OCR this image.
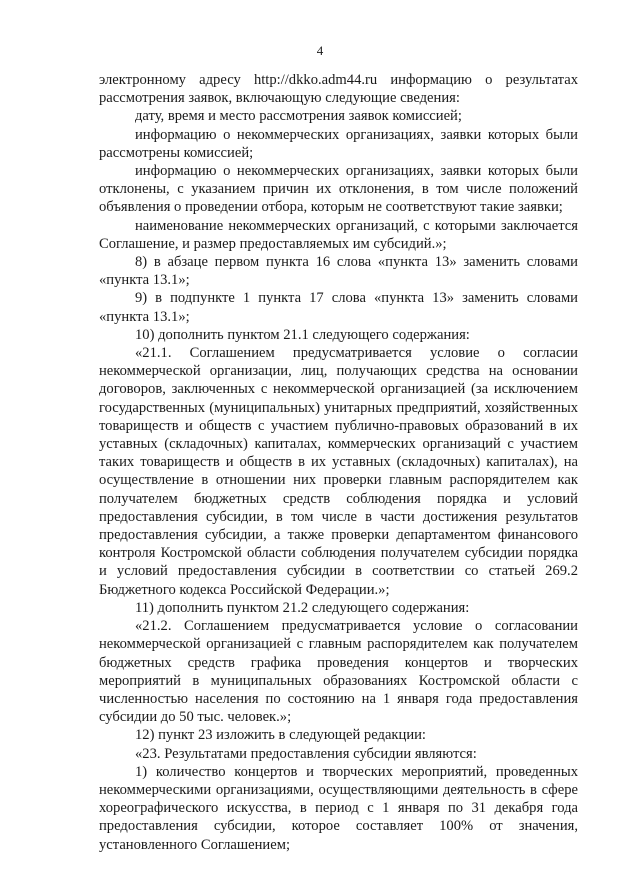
4

электронному адресу http://dkko.adm44.ru информацию о результатах рассмотрения заявок, включающую следующие сведения:

дату, время и место рассмотрения заявок комиссией;

информацию о некоммерческих организациях, заявки которых были рассмотрены комиссией;

информацию о некоммерческих организациях, заявки которых были отклонены, с указанием причин их отклонения, в том числе положений объявления о проведении отбора, которым не соответствуют такие заявки;

наименование некоммерческих организаций, с которыми заключается Соглашение, и размер предоставляемых им субсидий.»;

8) в абзаце первом пункта 16 слова «пункта 13» заменить словами «пункта 13.1»;

9) в подпункте 1 пункта 17 слова «пункта 13» заменить словами «пункта 13.1»;

10) дополнить пунктом 21.1 следующего содержания:

«21.1. Соглашением предусматривается условие о согласии некоммерческой организации, лиц, получающих средства на основании договоров, заключенных с некоммерческой организацией (за исключением государственных (муниципальных) унитарных предприятий, хозяйственных товариществ и обществ с участием публично-правовых образований в их уставных (складочных) капиталах, коммерческих организаций с участием таких товариществ и обществ в их уставных (складочных) капиталах), на осуществление в отношении них проверки главным распорядителем как получателем бюджетных средств соблюдения порядка и условий предоставления субсидии, в том числе в части достижения результатов предоставления субсидии, а также проверки департаментом финансового контроля Костромской области соблюдения получателем субсидии порядка и условий предоставления субсидии в соответствии со статьей 269.2 Бюджетного кодекса Российской Федерации.»;

11) дополнить пунктом 21.2 следующего содержания:

«21.2. Соглашением предусматривается условие о согласовании некоммерческой организацией с главным распорядителем как получателем бюджетных средств графика проведения концертов и творческих мероприятий в муниципальных образованиях Костромской области с численностью населения по состоянию на 1 января года предоставления субсидии до 50 тыс. человек.»;

12) пункт 23 изложить в следующей редакции:

«23. Результатами предоставления субсидии являются:

1) количество концертов и творческих мероприятий, проведенных некоммерческими организациями, осуществляющими деятельность в сфере хореографического искусства, в период с 1 января по 31 декабря года предоставления субсидии, которое составляет 100% от значения, установленного Соглашением;
